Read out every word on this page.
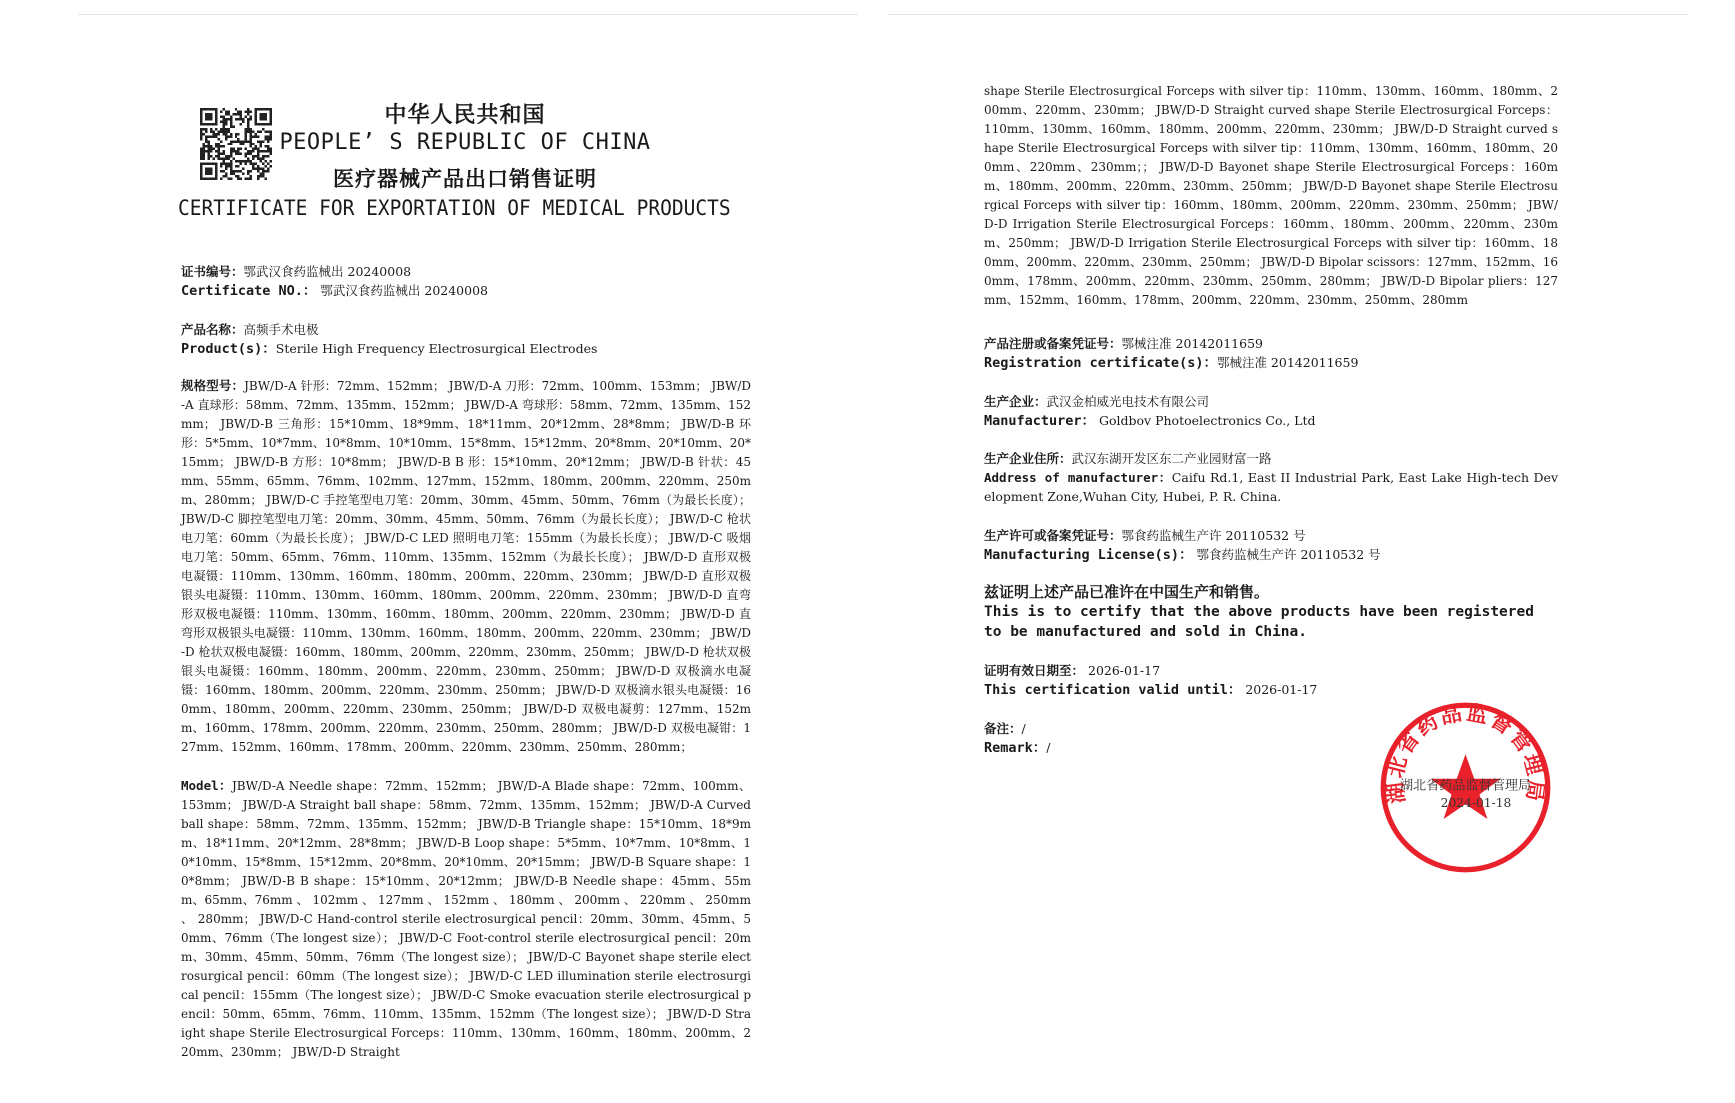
中华人民共和国
PEOPLE’ S REPUBLIC OF CHINA
医疗器械产品出口销售证明
CERTIFICATE FOR EXPORTATION OF MEDICAL PRODUCTS
证书编号：鄂武汉食药监械出 20240008
Certificate NO.： 鄂武汉食药监械出 20240008
产品名称：高频手术电极
Product(s)：Sterile High Frequency Electrosurgical Electrodes
规格型号：JBW/D-A 针形：72mm、152mm； JBW/D-A 刀形：72mm、100mm、153mm； JBW/D-A 直球形：58mm、72mm、135mm、152mm； JBW/D-A 弯球形：58mm、72mm、135mm、152mm； JBW/D-B 三角形：15*10mm、18*9mm、18*11mm、20*12mm、28*8mm； JBW/D-B 环形：5*5mm、10*7mm、10*8mm、10*10mm、15*8mm、15*12mm、20*8mm、20*10mm、20*15mm； JBW/D-B 方形：10*8mm； JBW/D-B B 形：15*10mm、20*12mm； JBW/D-B 针状：45mm、55mm、65mm、76mm、102mm、127mm、152mm、180mm、200mm、220mm、250mm、280mm； JBW/D-C 手控笔型电刀笔：20mm、30mm、45mm、50mm、76mm（为最长长度）； JBW/D-C 脚控笔型电刀笔：20mm、30mm、45mm、50mm、76mm（为最长长度）； JBW/D-C 枪状电刀笔：60mm（为最长长度）； JBW/D-C LED 照明电刀笔：155mm（为最长长度）； JBW/D-C 吸烟电刀笔：50mm、65mm、76mm、110mm、135mm、152mm（为最长长度）； JBW/D-D 直形双极电凝镊：110mm、130mm、160mm、180mm、200mm、220mm、230mm； JBW/D-D 直形双极银头电凝镊：110mm、130mm、160mm、180mm、200mm、220mm、230mm； JBW/D-D 直弯形双极电凝镊：110mm、130mm、160mm、180mm、200mm、220mm、230mm； JBW/D-D 直弯形双极银头电凝镊：110mm、130mm、160mm、180mm、200mm、220mm、230mm； JBW/D-D 枪状双极电凝镊：160mm、180mm、200mm、220mm、230mm、250mm； JBW/D-D 枪状双极银头电凝镊：160mm、180mm、200mm、220mm、230mm、250mm； JBW/D-D 双极滴水电凝镊：160mm、180mm、200mm、220mm、230mm、250mm； JBW/D-D 双极滴水银头电凝镊：160mm、180mm、200mm、220mm、230mm、250mm； JBW/D-D 双极电凝剪：127mm、152mm、160mm、178mm、200mm、220mm、230mm、250mm、280mm； JBW/D-D 双极电凝钳：127mm、152mm、160mm、178mm、200mm、220mm、230mm、250mm、280mm；
Model：JBW/D-A Needle shape：72mm、152mm； JBW/D-A Blade shape：72mm、100mm、153mm； JBW/D-A Straight ball shape：58mm、72mm、135mm、152mm； JBW/D-A Curved ball shape：58mm、72mm、135mm、152mm； JBW/D-B Triangle shape：15*10mm、18*9mm、18*11mm、20*12mm、28*8mm； JBW/D-B Loop shape：5*5mm、10*7mm、10*8mm、10*10mm、15*8mm、15*12mm、20*8mm、20*10mm、20*15mm； JBW/D-B Square shape：10*8mm； JBW/D-B B shape：15*10mm、20*12mm； JBW/D-B Needle shape：45mm、55mm、65mm、76mm 、 102mm 、 127mm 、 152mm 、 180mm 、 200mm 、 220mm 、 250mm 、 280mm； JBW/D-C Hand-control sterile electrosurgical pencil：20mm、30mm、45mm、50mm、76mm（The longest size）； JBW/D-C Foot-control sterile electrosurgical pencil：20mm、30mm、45mm、50mm、76mm（The longest size）； JBW/D-C Bayonet shape sterile electrosurgical pencil：60mm（The longest size）； JBW/D-C LED illumination sterile electrosurgical pencil：155mm（The longest size）； JBW/D-C Smoke evacuation sterile electrosurgical pencil：50mm、65mm、76mm、110mm、135mm、152mm（The longest size）； JBW/D-D Straight shape Sterile Electrosurgical Forceps：110mm、130mm、160mm、180mm、200mm、220mm、230mm； JBW/D-D Straight
shape Sterile Electrosurgical Forceps with silver tip：110mm、130mm、160mm、180mm、200mm、220mm、230mm； JBW/D-D Straight curved shape Sterile Electrosurgical Forceps：110mm、130mm、160mm、180mm、200mm、220mm、230mm； JBW/D-D Straight curved shape Sterile Electrosurgical Forceps with silver tip：110mm、130mm、160mm、180mm、200mm、220mm、230mm；； JBW/D-D Bayonet shape Sterile Electrosurgical Forceps：160mm、180mm、200mm、220mm、230mm、250mm； JBW/D-D Bayonet shape Sterile Electrosurgical Forceps with silver tip：160mm、180mm、200mm、220mm、230mm、250mm； JBW/D-D Irrigation Sterile Electrosurgical Forceps：160mm、180mm、200mm、220mm、230mm、250mm； JBW/D-D Irrigation Sterile Electrosurgical Forceps with silver tip：160mm、180mm、200mm、220mm、230mm、250mm； JBW/D-D Bipolar scissors：127mm、152mm、160mm、178mm、200mm、220mm、230mm、250mm、280mm； JBW/D-D Bipolar pliers：127mm、152mm、160mm、178mm、200mm、220mm、230mm、250mm、280mm
产品注册或备案凭证号：鄂械注准 20142011659
Registration certificate(s)：鄂械注准 20142011659
生产企业：武汉金柏威光电技术有限公司
Manufacturer： Goldbov Photoelectronics Co., Ltd
生产企业住所：武汉东湖开发区东二产业园财富一路
Address of manufacturer：Caifu Rd.1, East II Industrial Park, East Lake High-tech Development Zone,Wuhan City, Hubei, P. R. China.
生产许可或备案凭证号：鄂食药监械生产许 20110532 号
Manufacturing License(s)： 鄂食药监械生产许 20110532 号
兹证明上述产品已准许在中国生产和销售。
This is to certify that the above products have been registered to be manufactured and sold in China.
证明有效日期至： 2026-01-17
This certification valid until： 2026-01-17
备注：/
Remark：/
湖北省药品监督管理局
湖北省药品监督管理局
2024-01-18
